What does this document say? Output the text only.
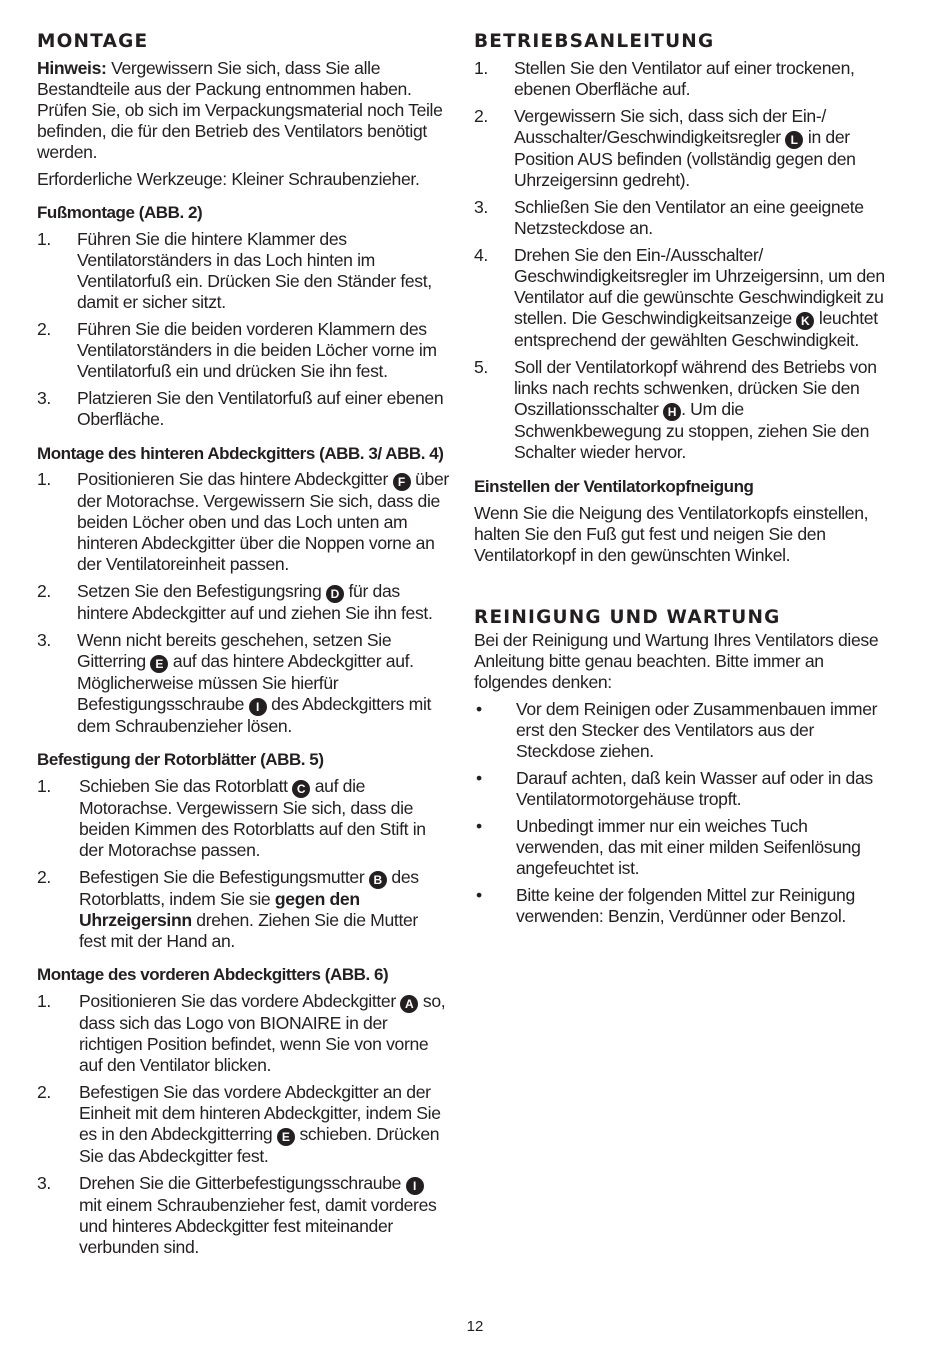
MONTAGE

Hinweis: Vergewissern Sie sich, dass Sie alle Bestandteile aus der Packung entnommen haben. Prüfen Sie, ob sich im Verpackungsmaterial noch Teile befinden, die für den Betrieb des Ventilators benötigt werden.

Erforderliche Werkzeuge: Kleiner Schraubenzieher.

Fußmontage (ABB. 2)
1. Führen Sie die hintere Klammer des Ventilatorständers in das Loch hinten im Ventilatorfuß ein. Drücken Sie den Ständer fest, damit er sicher sitzt.
2. Führen Sie die beiden vorderen Klammern des Ventilatorständers in die beiden Löcher vorne im Ventilatorfuß ein und drücken Sie ihn fest.
3. Platzieren Sie den Ventilatorfuß auf einer ebenen Oberfläche.
Montage des hinteren Abdeckgitters (ABB. 3/ ABB. 4)
1. Positionieren Sie das hintere Abdeckgitter F über der Motorachse. Vergewissern Sie sich, dass die beiden Löcher oben und das Loch unten am hinteren Abdeckgitter über die Noppen vorne an der Ventilatoreinheit passen.
2. Setzen Sie den Befestigungsring D für das hintere Abdeckgitter auf und ziehen Sie ihn fest.
3. Wenn nicht bereits geschehen, setzen Sie Gitterring E auf das hintere Abdeckgitter auf. Möglicherweise müssen Sie hierfür Befestigungsschraube I des Abdeckgitters mit dem Schraubenzieher lösen.
Befestigung der Rotorblätter (ABB. 5)
1. Schieben Sie das Rotorblatt C auf die Motorachse. Vergewissern Sie sich, dass die beiden Kimmen des Rotorblatts auf den Stift in der Motorachse passen.
2. Befestigen Sie die Befestigungsmutter B des Rotorblatts, indem Sie sie gegen den Uhrzeigersinn drehen. Ziehen Sie die Mutter fest mit der Hand an.
Montage des vorderen Abdeckgitters (ABB. 6)
1. Positionieren Sie das vordere Abdeckgitter A so, dass sich das Logo von BIONAIRE in der richtigen Position befindet, wenn Sie von vorne auf den Ventilator blicken.
2. Befestigen Sie das vordere Abdeckgitter an der Einheit mit dem hinteren Abdeckgitter, indem Sie es in den Abdeckgitterring E schieben. Drücken Sie das Abdeckgitter fest.
3. Drehen Sie die Gitterbefestigungsschraube I mit einem Schraubenzieher fest, damit vorderes und hinteres Abdeckgitter fest miteinander verbunden sind.
BETRIEBSANLEITUNG
1. Stellen Sie den Ventilator auf einer trockenen, ebenen Oberfläche auf.
2. Vergewissern Sie sich, dass sich der Ein-/ Ausschalter/Geschwindigkeitsregler L in der Position AUS befinden (vollständig gegen den Uhrzeigersinn gedreht).
3. Schließen Sie den Ventilator an eine geeignete Netzsteckdose an.
4. Drehen Sie den Ein-/Ausschalter/ Geschwindigkeitsregler im Uhrzeigersinn, um den Ventilator auf die gewünschte Geschwindigkeit zu stellen. Die Geschwindigkeitsanzeige K leuchtet entsprechend der gewählten Geschwindigkeit.
5. Soll der Ventilatorkopf während des Betriebs von links nach rechts schwenken, drücken Sie den Oszillationsschalter H . Um die Schwenkbewegung zu stoppen, ziehen Sie den Schalter wieder hervor.
Einstellen der Ventilatorkopfneigung

Wenn Sie die Neigung des Ventilatorkopfs einstellen, halten Sie den Fuß gut fest und neigen Sie den Ventilatorkopf in den gewünschten Winkel.

REINIGUNG UND WARTUNG

Bei der Reinigung und Wartung Ihres Ventilators diese Anleitung bitte genau beachten. Bitte immer an folgendes denken:

• Vor dem Reinigen oder Zusammenbauen immer erst den Stecker des Ventilators aus der Steckdose ziehen.
• Darauf achten, daß kein Wasser auf oder in das Ventilatormotorgehäuse tropft.
• Unbedingt immer nur ein weiches Tuch verwenden, das mit einer milden Seifenlösung angefeuchtet ist.
• Bitte keine der folgenden Mittel zur Reinigung verwenden: Benzin, Verdünner oder Benzol.
12
